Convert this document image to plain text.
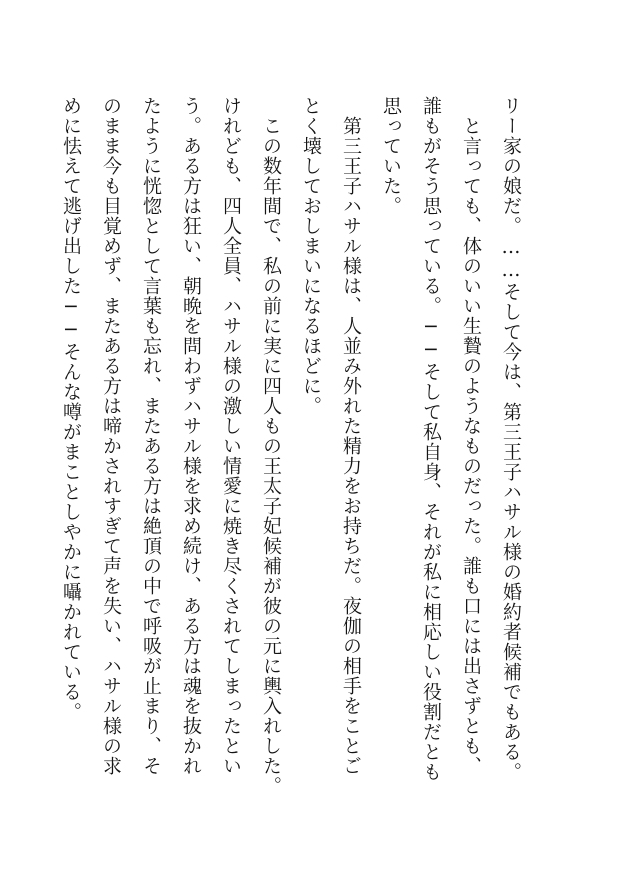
リー家の娘だ。……そして今は、第三王子ハサル様の婚約者候補でもある。

　と言っても、体のいい生贄のようなものだった。誰も口には出さずとも、

誰もがそう思っている。──そして私自身、それが私に相応しい役割だとも

思っていた。

　第三王子ハサル様は、人並み外れた精力をお持ちだ。夜伽の相手をことご

とく壊しておしまいになるほどに。

　この数年間で、私の前に実に四人もの王太子妃候補が彼の元に輿入れした。

けれども、四人全員、ハサル様の激しい情愛に焼き尽くされてしまったとい

う。ある方は狂い、朝晩を問わずハサル様を求め続け、ある方は魂を抜かれ

たように恍惚として言葉も忘れ、またある方は絶頂の中で呼吸が止まり、そ

のまま今も目覚めず、またある方は啼かされすぎて声を失い、ハサル様の求

めに怯えて逃げ出した──そんな噂がまことしやかに囁かれている。
